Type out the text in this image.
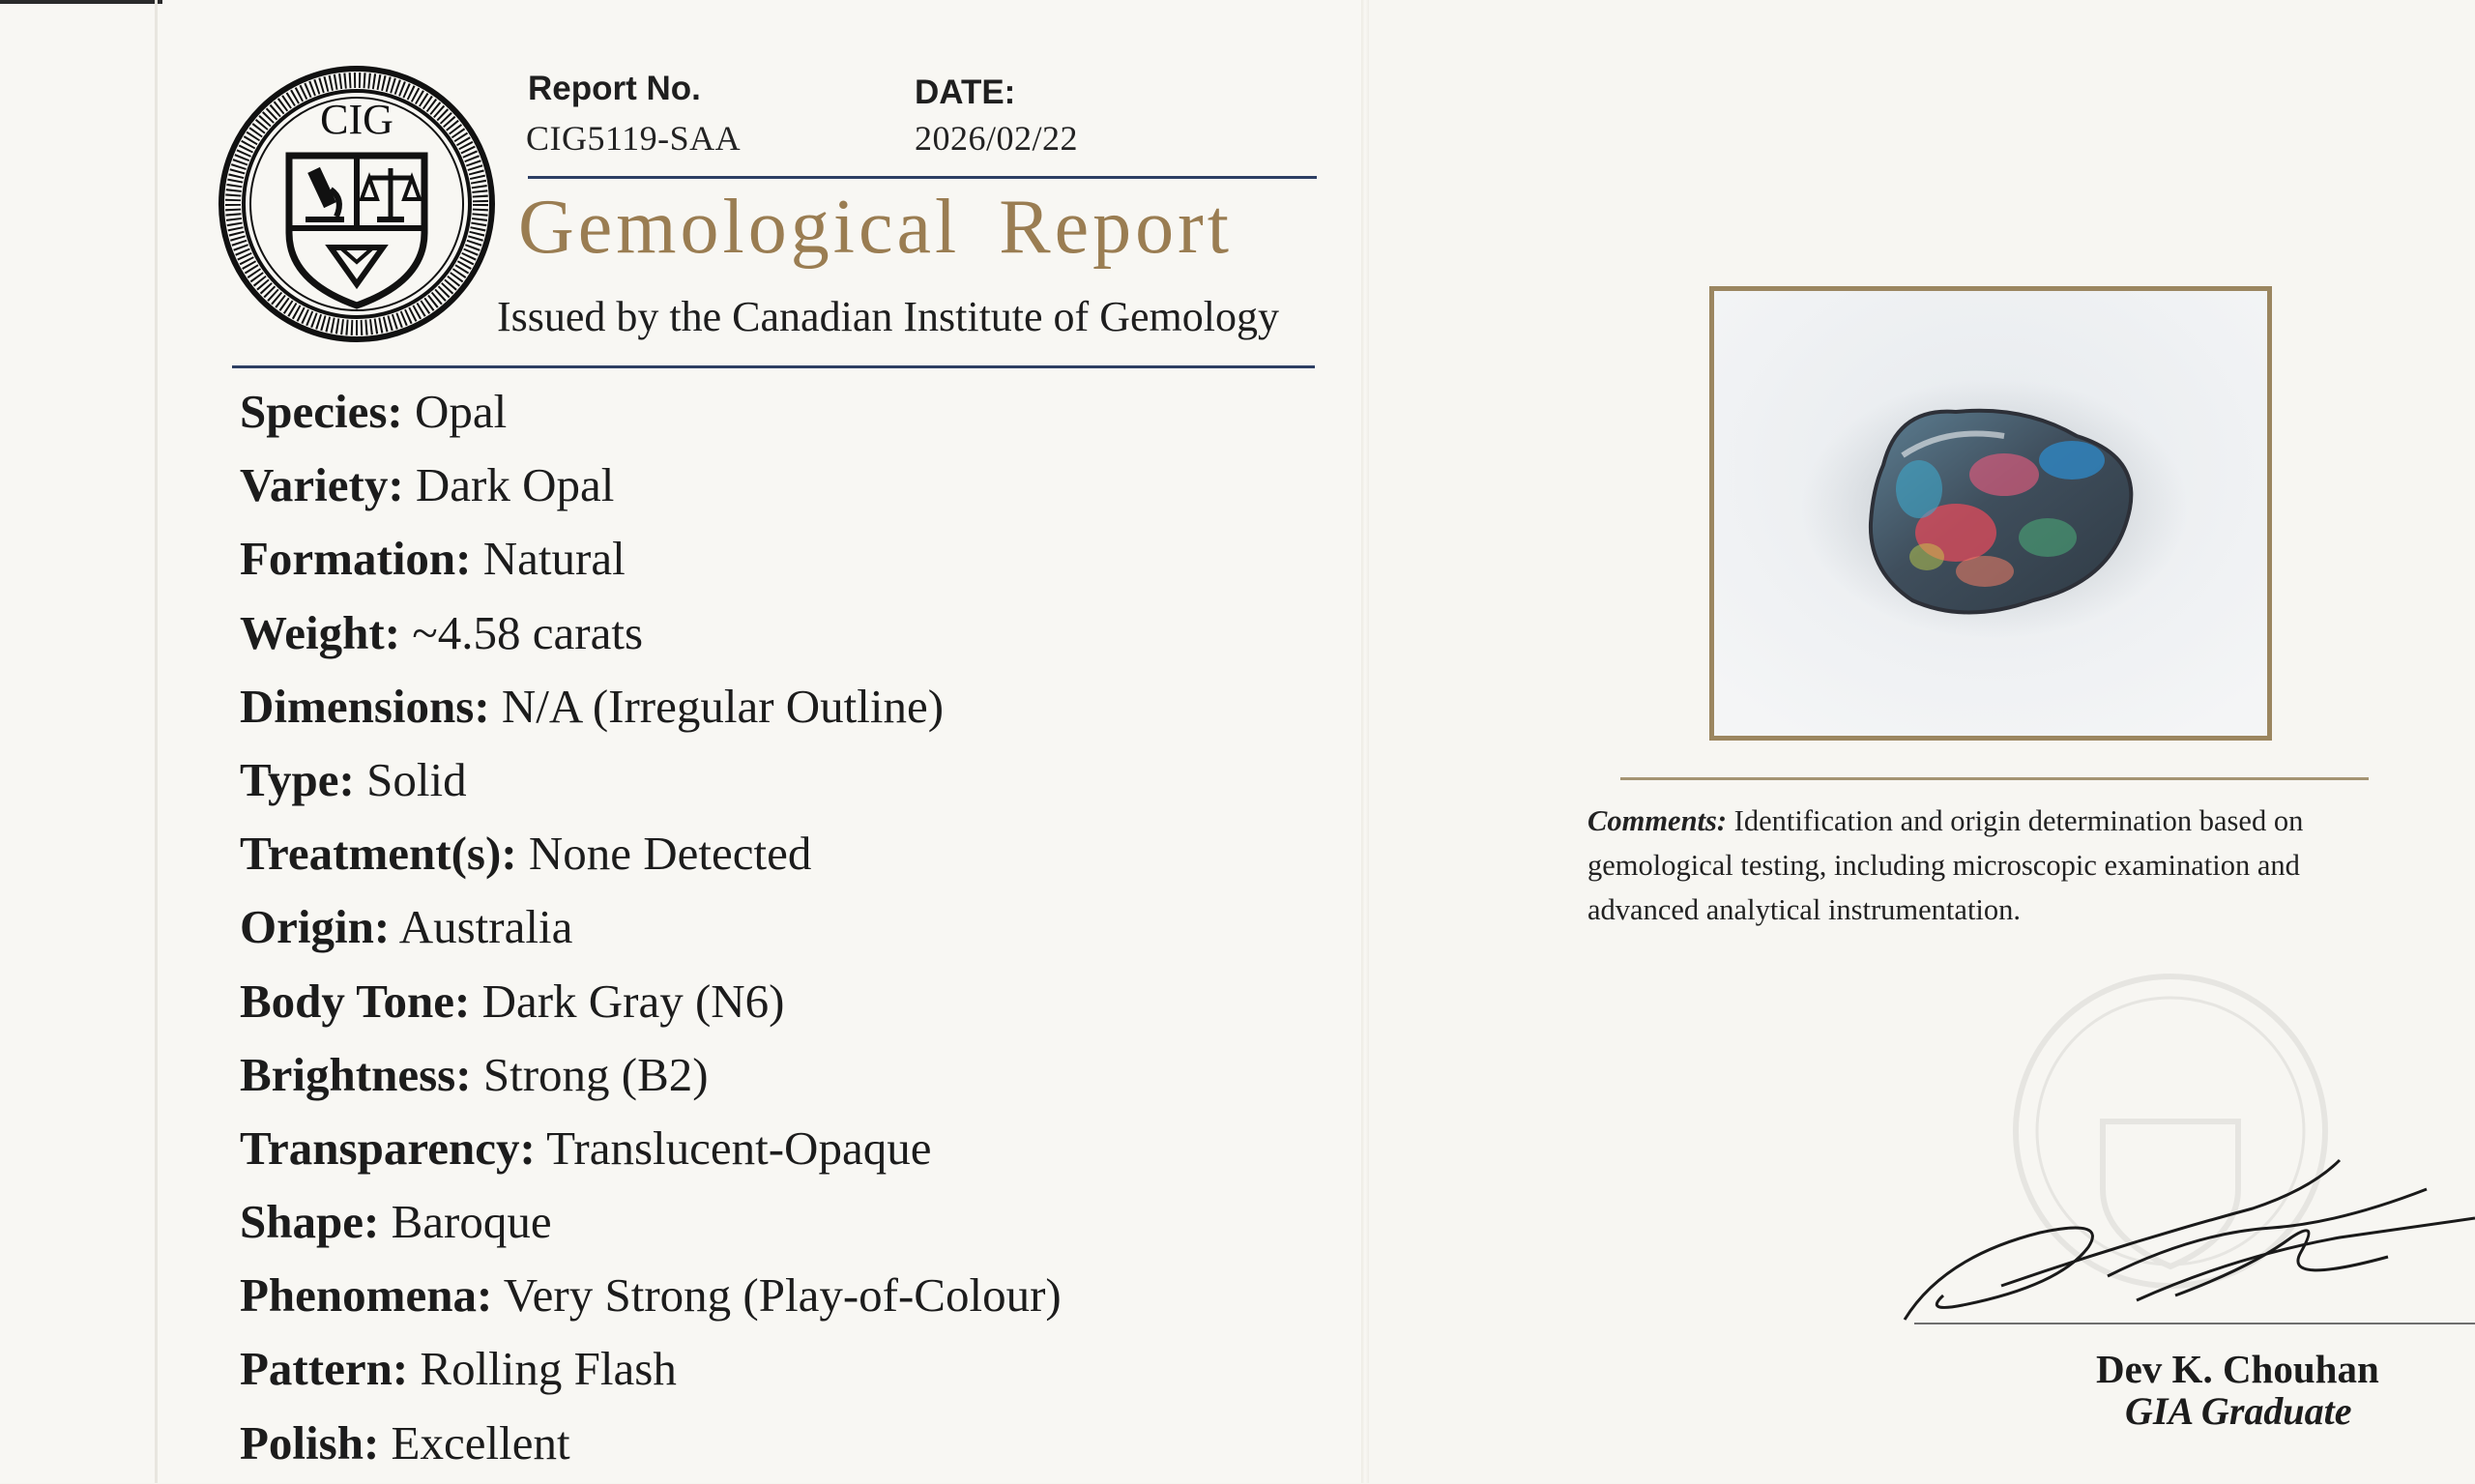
CIG
Report No.
CIG5119-SAA
DATE:
2026/02/22
Gemological Report
Issued by the Canadian Institute of Gemology
Species: Opal
Variety: Dark Opal
Formation: Natural
Weight: ~4.58 carats
Dimensions: N/A (Irregular Outline)
Type: Solid
Treatment(s): None Detected
Origin: Australia
Body Tone: Dark Gray (N6)
Brightness: Strong (B2)
Transparency: Translucent-Opaque
Shape: Baroque
Phenomena: Very Strong (Play-of-Colour)
Pattern: Rolling Flash
Polish: Excellent
Comments: Identification and origin determination based on gemological testing, including microscopic examination and advanced analytical instrumentation.
Dev K. Chouhan
GIA Graduate
